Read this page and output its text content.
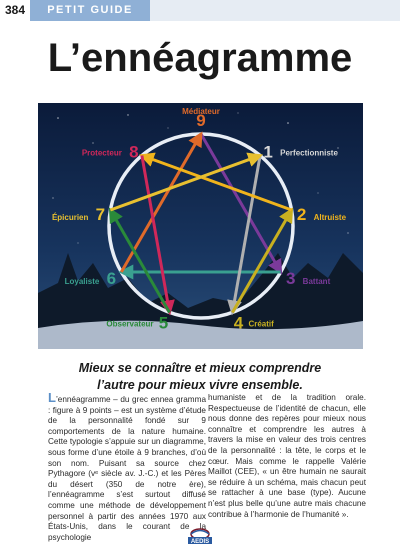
384	PETIT GUIDE
L’ennéagramme
9
Médiateur
1 Perfectionniste
2 Altruiste
3 Battant
4 Créatif
5
Observateur
6
Loyaliste
7
Épicurien
8
Protecteur
Mieux se connaître et mieux comprendre
l’autre pour mieux vivre ensemble.
L’ennéagramme – du grec ennea gramma : figure à 9 points – est un système d’étude de la personnalité fondé sur 9 comportements de la nature humaine. Cette typologie s’appuie sur un diagramme, sous forme d’une étoile à 9 branches, d’où son nom. Puisant sa source chez Pythagore (vᵉ siècle av. J.-C.) et les Pères du désert (350 de notre ère), l’ennéagramme s’est surtout diffusé comme une méthode de développement personnel à partir des années 1970 aux États-Unis, dans le courant de la psychologie
humaniste et de la tradition orale. Respectueuse de l’identité de chacun, elle nous donne des repères pour mieux nous connaître et comprendre les autres à travers la mise en valeur des trois centres de la personnalité : la tête, le corps et le cœur. Mais comme le rappelle Valérie Maillot (CEE), « un être humain ne saurait se réduire à un schéma, mais chacun peut se rattacher à une base (type). Aucune n’est plus belle qu’une autre mais chacune contribue à l’harmonie de l’humanité ».
AEDIS
